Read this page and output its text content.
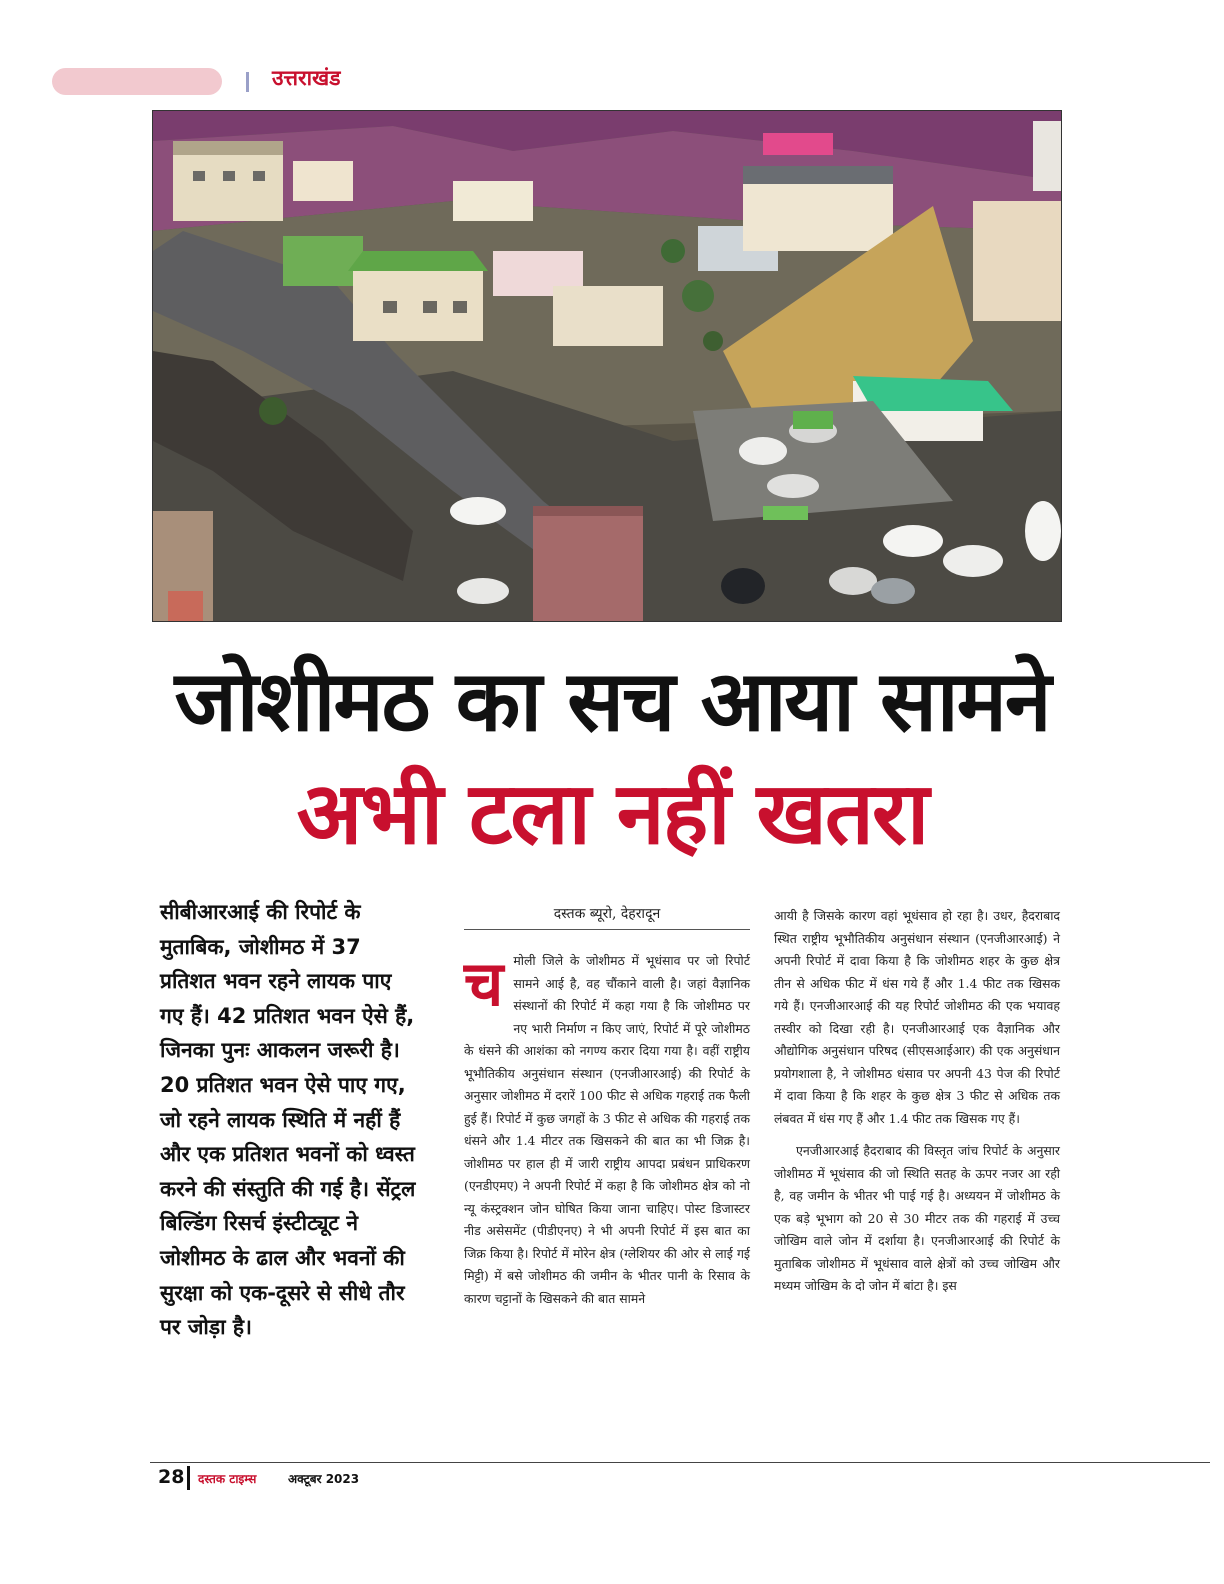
उत्तराखंड
जोशीमठ का सच आया सामने
अभी टला नहीं खतरा

सीबीआरआई की रिपोर्ट के मुताबिक, जोशीमठ में 37 प्रतिशत भवन रहने लायक पाए गए हैं। 42 प्रतिशत भवन ऐसे हैं, जिनका पुनः आकलन जरूरी है। 20 प्रतिशत भवन ऐसे पाए गए, जो रहने लायक स्थिति में नहीं हैं और एक प्रतिशत भवनों को ध्वस्त करने की संस्तुति की गई है। सेंट्रल बिल्डिंग रिसर्च इंस्टीट्यूट ने जोशीमठ के ढाल और भवनों की सुरक्षा को एक-दूसरे से सीधे तौर पर जोड़ा है।

दस्तक ब्यूरो, देहरादून
च मोली जिले के जोशीमठ में भूधंसाव पर जो रिपोर्ट सामने आई है, वह चौंकाने वाली है। जहां वैज्ञानिक संस्थानों की रिपोर्ट में कहा गया है कि जोशीमठ पर नए भारी निर्माण न किए जाएं, रिपोर्ट में पूरे जोशीमठ के धंसने की आशंका को नगण्य करार दिया गया है। वहीं राष्ट्रीय भूभौतिकीय अनुसंधान संस्थान (एनजीआरआई) की रिपोर्ट के अनुसार जोशीमठ में दरारें 100 फीट से अधिक गहराई तक फैली हुई हैं। रिपोर्ट में कुछ जगहों के 3 फीट से अधिक की गहराई तक धंसने और 1.4 मीटर तक खिसकने की बात का भी जिक्र है। जोशीमठ पर हाल ही में जारी राष्ट्रीय आपदा प्रबंधन प्राधिकरण (एनडीएमए) ने अपनी रिपोर्ट में कहा है कि जोशीमठ क्षेत्र को नो न्यू कंस्ट्रक्शन जोन घोषित किया जाना चाहिए। पोस्ट डिजास्टर नीड असेसमेंट (पीडीएनए) ने भी अपनी रिपोर्ट में इस बात का जिक्र किया है। रिपोर्ट में मोरेन क्षेत्र (ग्लेशियर की ओर से लाई गई मिट्टी) में बसे जोशीमठ की जमीन के भीतर पानी के रिसाव के कारण चट्टानों के खिसकने की बात सामने

आयी है जिसके कारण वहां भूधंसाव हो रहा है। उधर, हैदराबाद स्थित राष्ट्रीय भूभौतिकीय अनुसंधान संस्थान (एनजीआरआई) ने अपनी रिपोर्ट में दावा किया है कि जोशीमठ शहर के कुछ क्षेत्र तीन से अधिक फीट में धंस गये हैं और 1.4 फीट तक खिसक गये हैं। एनजीआरआई की यह रिपोर्ट जोशीमठ की एक भयावह तस्वीर को दिखा रही है। एनजीआरआई एक वैज्ञानिक और औद्योगिक अनुसंधान परिषद (सीएसआईआर) की एक अनुसंधान प्रयोगशाला है, ने जोशीमठ धंसाव पर अपनी 43 पेज की रिपोर्ट में दावा किया है कि शहर के कुछ क्षेत्र 3 फीट से अधिक तक लंबवत में धंस गए हैं और 1.4 फीट तक खिसक गए हैं।

एनजीआरआई हैदराबाद की विस्तृत जांच रिपोर्ट के अनुसार जोशीमठ में भूधंसाव की जो स्थिति सतह के ऊपर नजर आ रही है, वह जमीन के भीतर भी पाई गई है। अध्ययन में जोशीमठ के एक बड़े भूभाग को 20 से 30 मीटर तक की गहराई में उच्च जोखिम वाले जोन में दर्शाया है। एनजीआरआई की रिपोर्ट के मुताबिक जोशीमठ में भूधंसाव वाले क्षेत्रों को उच्च जोखिम और मध्यम जोखिम के दो जोन में बांटा है। इस

28 दस्तक टाइम्स	अक्टूबर 2023
